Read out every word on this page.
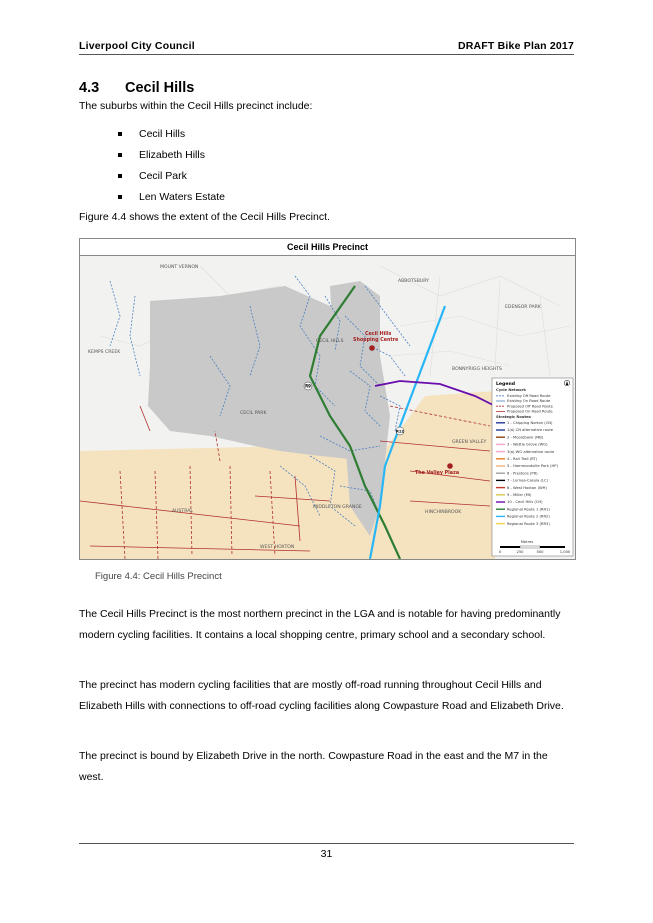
Liverpool City Council	DRAFT Bike Plan 2017
4.3 Cecil Hills
The suburbs within the Cecil Hills precinct include:
Cecil Hills
Elizabeth Hills
Cecil Park
Len Waters Estate
Figure 4.4 shows the extent of the Cecil Hills Precinct.
Cecil Hills Precinct
R9
R12
MOUNT VERNON
ABBOTSBURY
EDENSOR PARK
KEMPS CREEK
CECIL HILLS
Cecil Hills
Shopping Centre
BONNYRIGG HEIGHTS
CECIL PARK
GREEN VALLEY
The Valley Plaza
AUSTRAL
MIDDLETON GRANGE
HINCHINBROOK
WEST HOXTON
Legend
Cycle Network
Existing Off Road Route
Existing On Road Route
Proposed Off Road Route
Proposed On Road Route
Strategic Routes
1 - Chipping Norton (CN)
1(a) CN alternative route
2 - Moorebank (MB)
3 - Wattle Grove (WG)
3(a) WG alternative route
4 - Rail Trail (RT)
5 - Hammondville Park (HP)
6 - Prestons (PR)
7 - Lurnea-Casula (LC)
8 - West Hoxton (WH)
9 - Miller (MI)
10 - Cecil Hills (CH)
Regional Route 1 (RR1)
Regional Route 2 (RR2)
Regional Route 3 (RR3)
Metres
0	250	500	1,000
Figure 4.4: Cecil Hills Precinct
The Cecil Hills Precinct is the most northern precinct in the LGA and is notable for having predominantly modern cycling facilities. It contains a local shopping centre, primary school and a secondary school.
The precinct has modern cycling facilities that are mostly off-road running throughout Cecil Hills and Elizabeth Hills with connections to off-road cycling facilities along Cowpasture Road and Elizabeth Drive.
The precinct is bound by Elizabeth Drive in the north. Cowpasture Road in the east and the M7 in the west.
31
